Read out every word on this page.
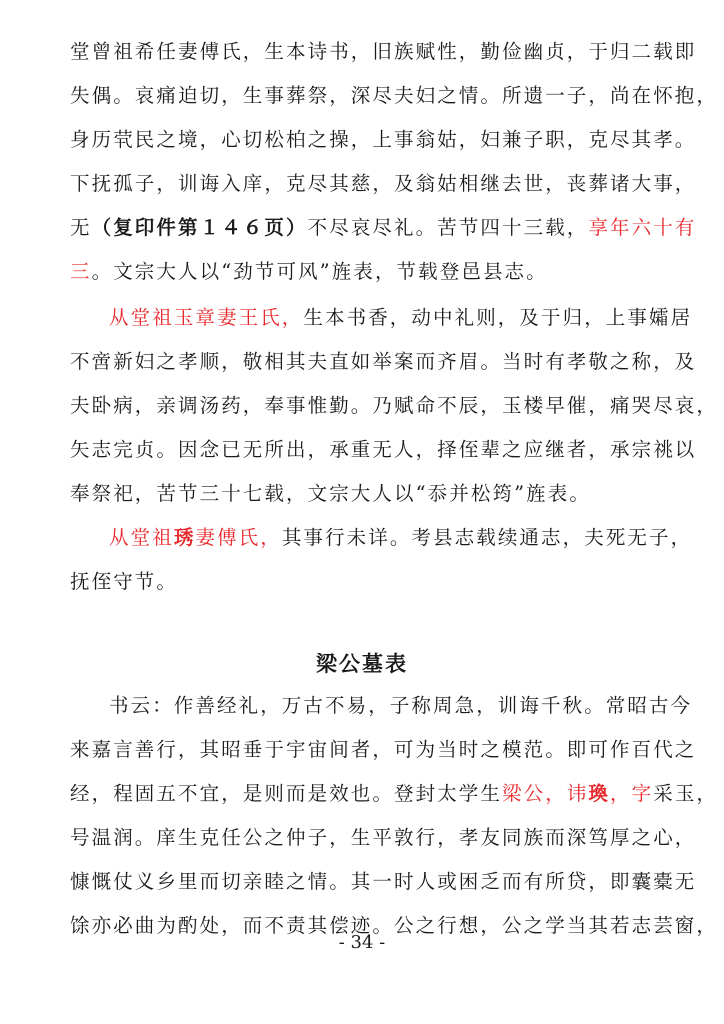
堂曾祖希任妻傅氏，生本诗书，旧族赋性，勤俭幽贞，于归二载即
失偶。哀痛迫切，生事葬祭，深尽夫妇之情。所遗一子，尚在怀抱，
身历茕民之境，心切松柏之操，上事翁姑，妇兼子职，克尽其孝。
下抚孤子，训诲入庠，克尽其慈，及翁姑相继去世，丧葬诸大事，
无（复印件第１４６页）不尽哀尽礼。苦节四十三载，享年六十有
三。文宗大人以“劲节可风”旌表，节载登邑县志。
从堂祖玉章妻王氏，生本书香，动中礼则，及于归，上事孀居
不啻新妇之孝顺，敬相其夫直如举案而齐眉。当时有孝敬之称，及
夫卧病，亲调汤药，奉事惟勤。乃赋命不辰，玉楼早催，痛哭尽哀，
矢志完贞。因念已无所出，承重无人，择侄辈之应继者，承宗祧以
奉祭祀，苦节三十七载，文宗大人以“忝并松筠”旌表。
从堂祖琇妻傅氏，其事行未详。考县志载续通志，夫死无子，
抚侄守节。
梁公墓表
书云：作善经礼，万古不易，子称周急，训诲千秋。常昭古今
来嘉言善行，其昭垂于宇宙间者，可为当时之模范。即可作百代之
经，程固五不宜，是则而是效也。登封太学生梁公，讳瑍，字采玉，
号温润。庠生克任公之仲子，生平敦行，孝友同族而深笃厚之心，
慷慨仗义乡里而切亲睦之情。其一时人或困乏而有所贷，即囊橐无
馀亦必曲为酌处，而不责其偿迹。公之行想，公之学当其若志芸窗，
- 34 -
